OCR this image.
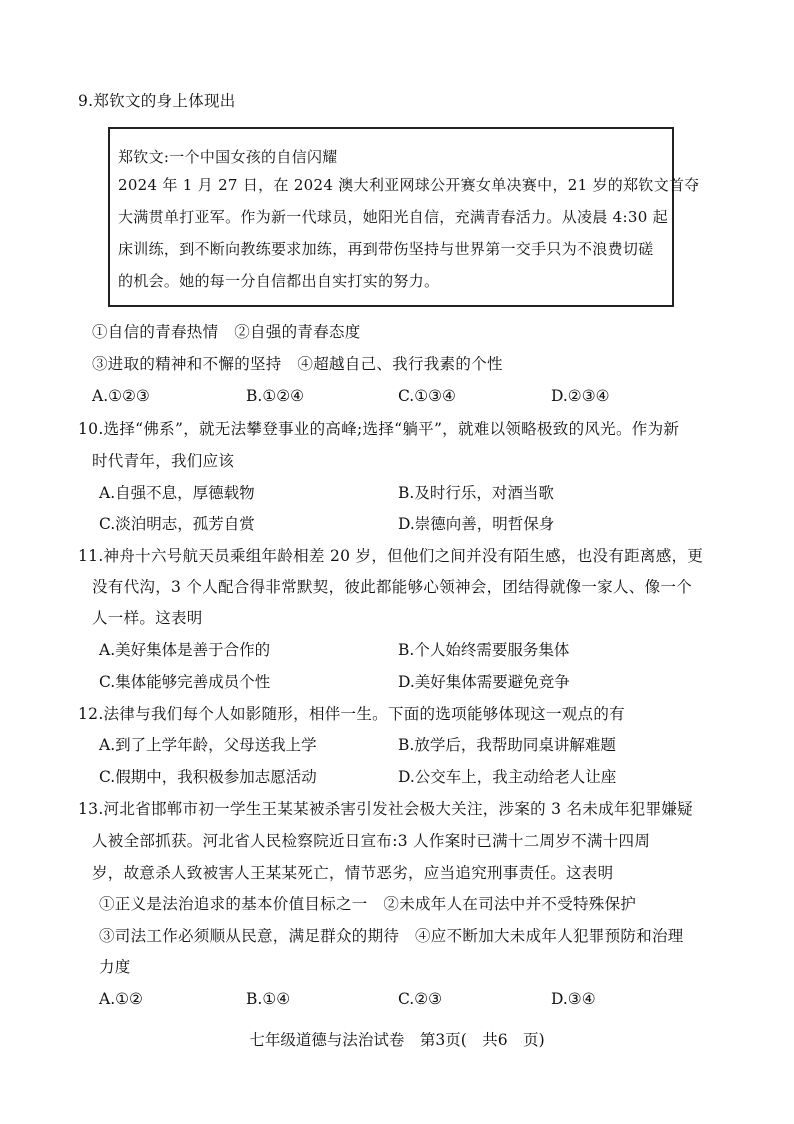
9.郑钦文的身上体现出
郑钦文:一个中国女孩的自信闪耀
2024 年 1 月 27 日，在 2024 澳大利亚网球公开赛女单决赛中，21 岁的郑钦文首夺
大满贯单打亚军。作为新一代球员，她阳光自信，充满青春活力。从凌晨 4:30 起
床训练，到不断向教练要求加练，再到带伤坚持与世界第一交手只为不浪费切磋
的机会。她的每一分自信都出自实打实的努力。
①自信的青春热情　②自强的青春态度
③进取的精神和不懈的坚持　④超越自己、我行我素的个性
A.①②③	B.①②④	C.①③④	D.②③④
10.选择“佛系”，就无法攀登事业的高峰;选择“躺平”，就难以领略极致的风光。作为新
时代青年，我们应该
A.自强不息，厚德载物	B.及时行乐，对酒当歌
C.淡泊明志，孤芳自赏	D.崇德向善，明哲保身
11.神舟十六号航天员乘组年龄相差 20 岁，但他们之间并没有陌生感，也没有距离感，更
没有代沟，3 个人配合得非常默契，彼此都能够心领神会，团结得就像一家人、像一个
人一样。这表明
A.美好集体是善于合作的	B.个人始终需要服务集体
C.集体能够完善成员个性	D.美好集体需要避免竞争
12.法律与我们每个人如影随形，相伴一生。下面的选项能够体现这一观点的有
A.到了上学年龄，父母送我上学	B.放学后，我帮助同桌讲解难题
C.假期中，我积极参加志愿活动	D.公交车上，我主动给老人让座
13.河北省邯郸市初一学生王某某被杀害引发社会极大关注，涉案的 3 名未成年犯罪嫌疑
人被全部抓获。河北省人民检察院近日宣布:3 人作案时已满十二周岁不满十四周
岁，故意杀人致被害人王某某死亡，情节恶劣，应当追究刑事责任。这表明
①正义是法治追求的基本价值目标之一　②未成年人在司法中并不受特殊保护
③司法工作必须顺从民意，满足群众的期待　④应不断加大未成年人犯罪预防和治理
力度
A.①②	B.①④	C.②③	D.③④
七年级道德与法治试卷　第3页(　共6　页)
